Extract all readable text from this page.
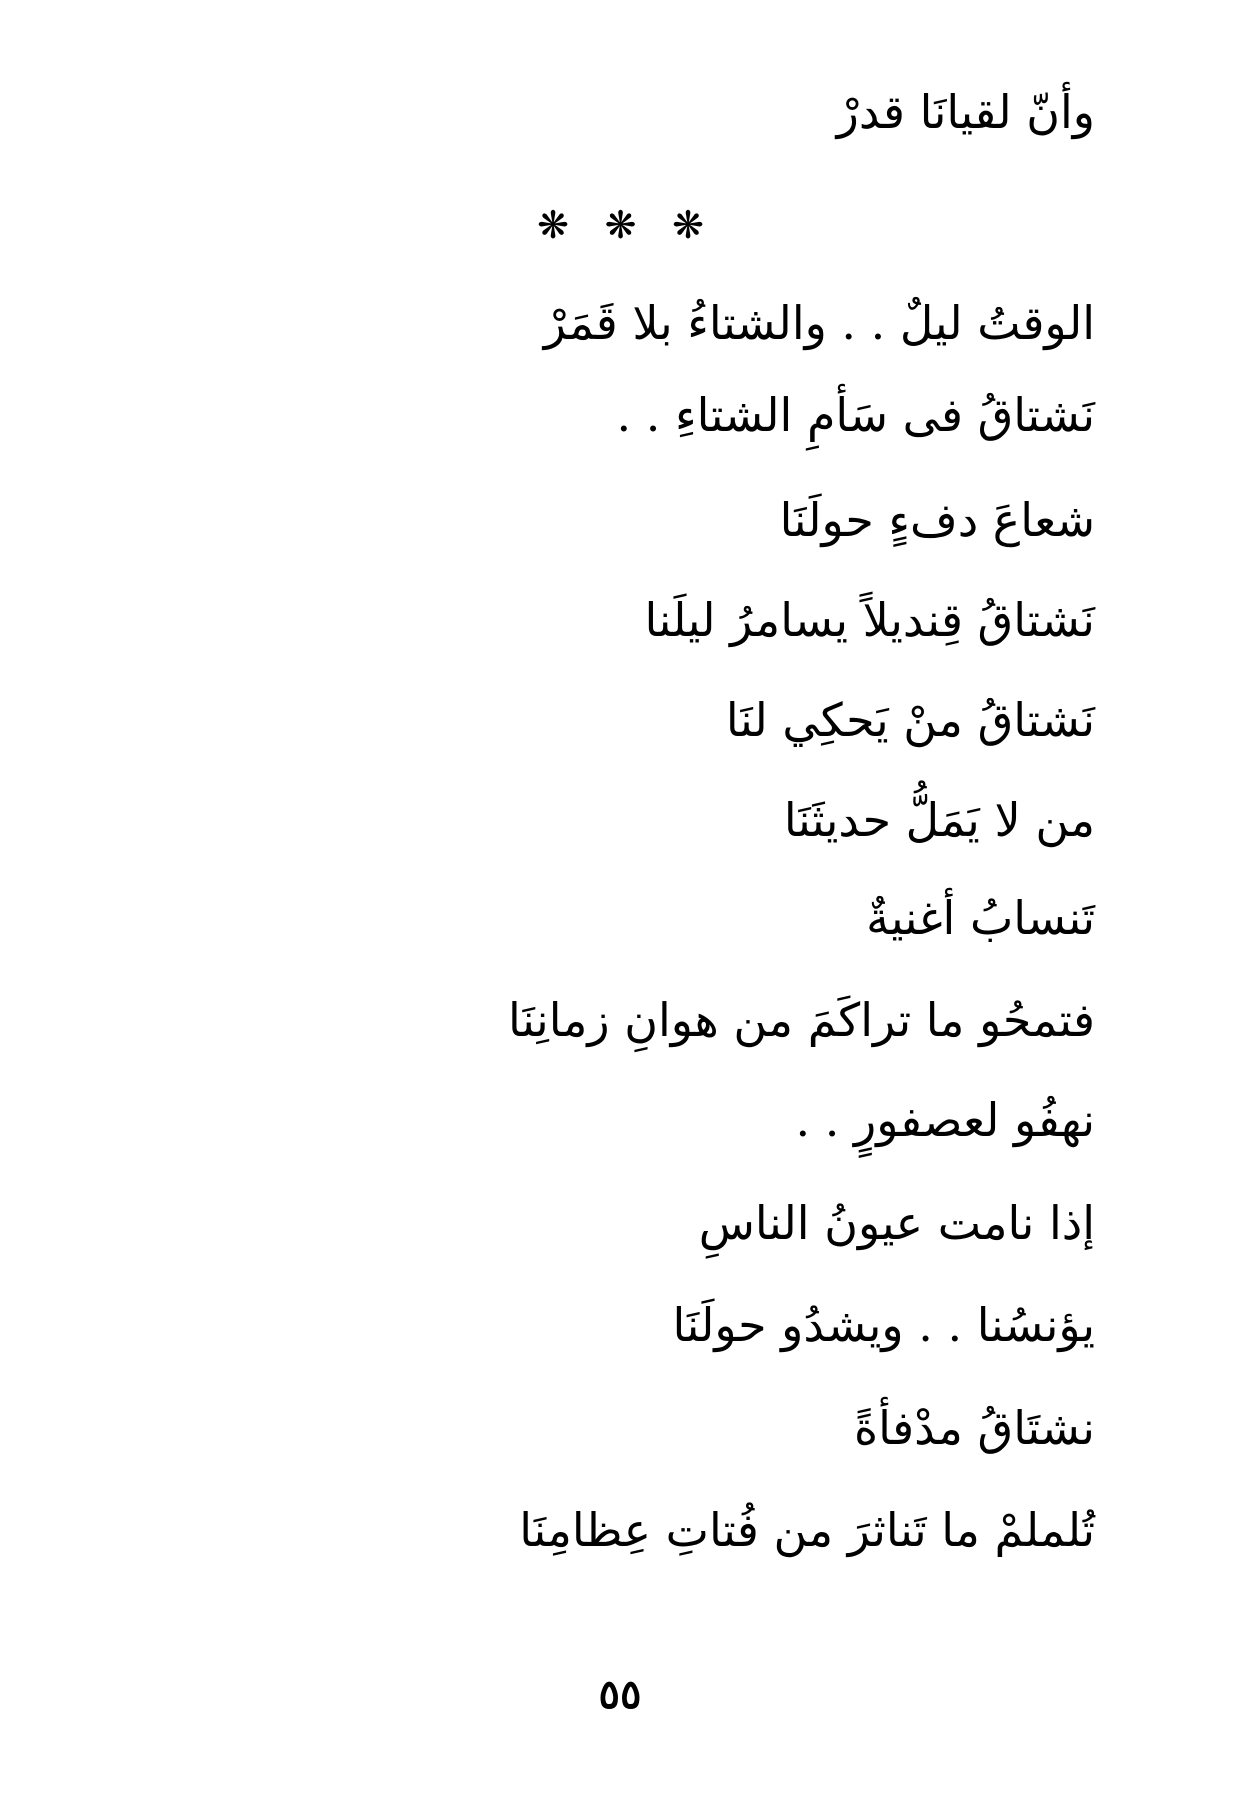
وأنّ لقيانَا قدرْ
❋ ❋ ❋
الوقتُ ليلٌ . . والشتاءُ بلا قَمَرْ
نَشتاقُ فى سَأمِ الشتاءِ . .
شعاعَ دفءٍ حولَنَا
نَشتاقُ قِنديلاً يسامرُ ليلَنا
نَشتاقُ منْ يَحكِي لنَا
من لا يَمَلُّ حديثَنَا
تَنسابُ أغنيةٌ
فتمحُو ما تراكَمَ من هوانِ زمانِنَا
نهفُو لعصفورٍ . .
إذا نامت عيونُ الناسِ
يؤنسُنا . . ويشدُو حولَنَا
نشتَاقُ مدْفأةً
تُلملمْ ما تَناثرَ من فُتاتِ عِظامِنَا
٥٥
